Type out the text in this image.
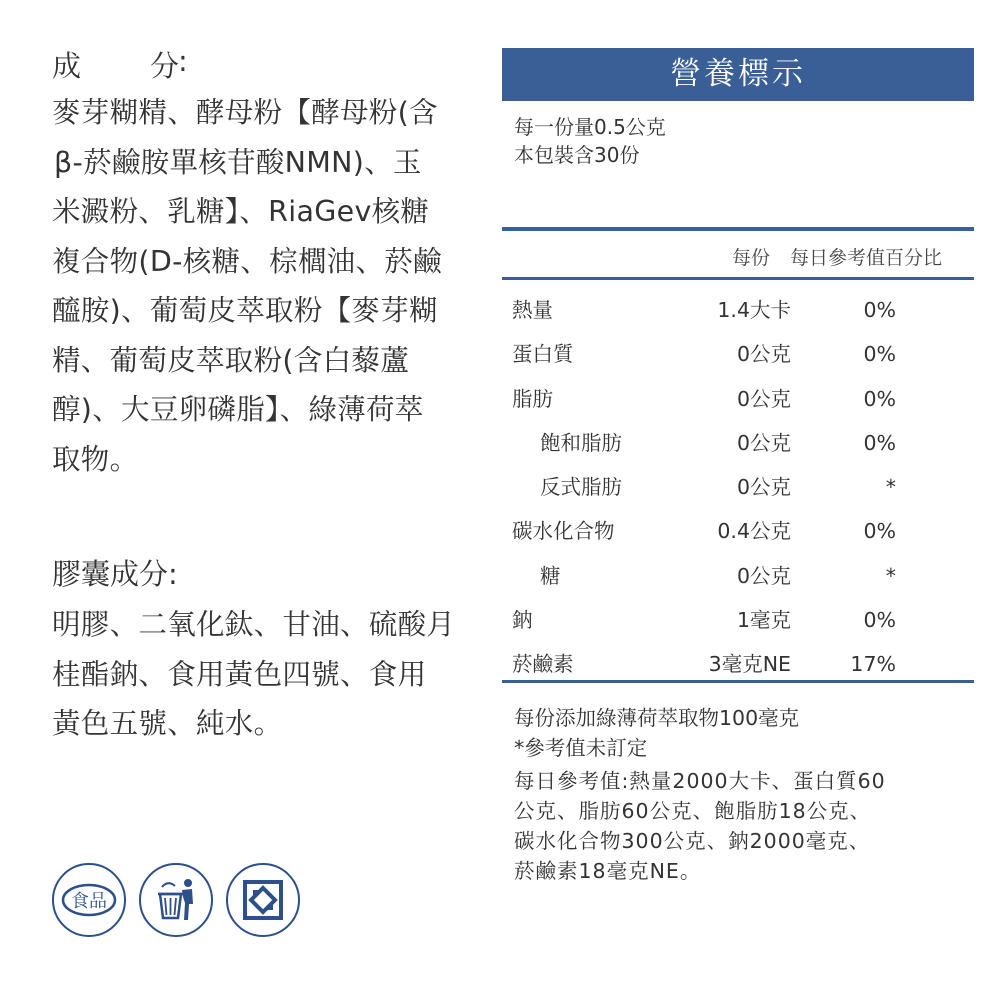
成 分
:

麥芽糊精、酵母粉【酵母粉(含
β-菸鹼胺單核苷酸NMN)、玉
米澱粉、乳糖】、RiaGev核糖
複合物(D-核糖、棕櫚油、菸鹼
醯胺)、葡萄皮萃取粉【麥芽糊
精、葡萄皮萃取粉(含白藜蘆
醇)、大豆卵磷脂】、綠薄荷萃
取物。

膠囊成分:

明膠、二氧化鈦、甘油、硫酸月
桂酯鈉、食用黃色四號、食用
黃色五號、純水。

食品
營養標示
每一份量0.5公克
本包裝含30份
每份 每日參考值百分比
熱量	1.4大卡	0%
蛋白質	0公克	0%
脂肪	0公克	0%
飽和脂肪	0公克	0%
反式脂肪	0公克	*
碳水化合物	0.4公克	0%
糖	0公克	*
鈉	1毫克	0%
菸鹼素	3毫克NE	17%
每份添加綠薄荷萃取物100毫克
*參考值未訂定
每日參考值:熱量2000大卡、蛋白質60
公克、脂肪60公克、飽脂肪18公克、
碳水化合物300公克、鈉2000毫克、
菸鹼素18毫克NE。
